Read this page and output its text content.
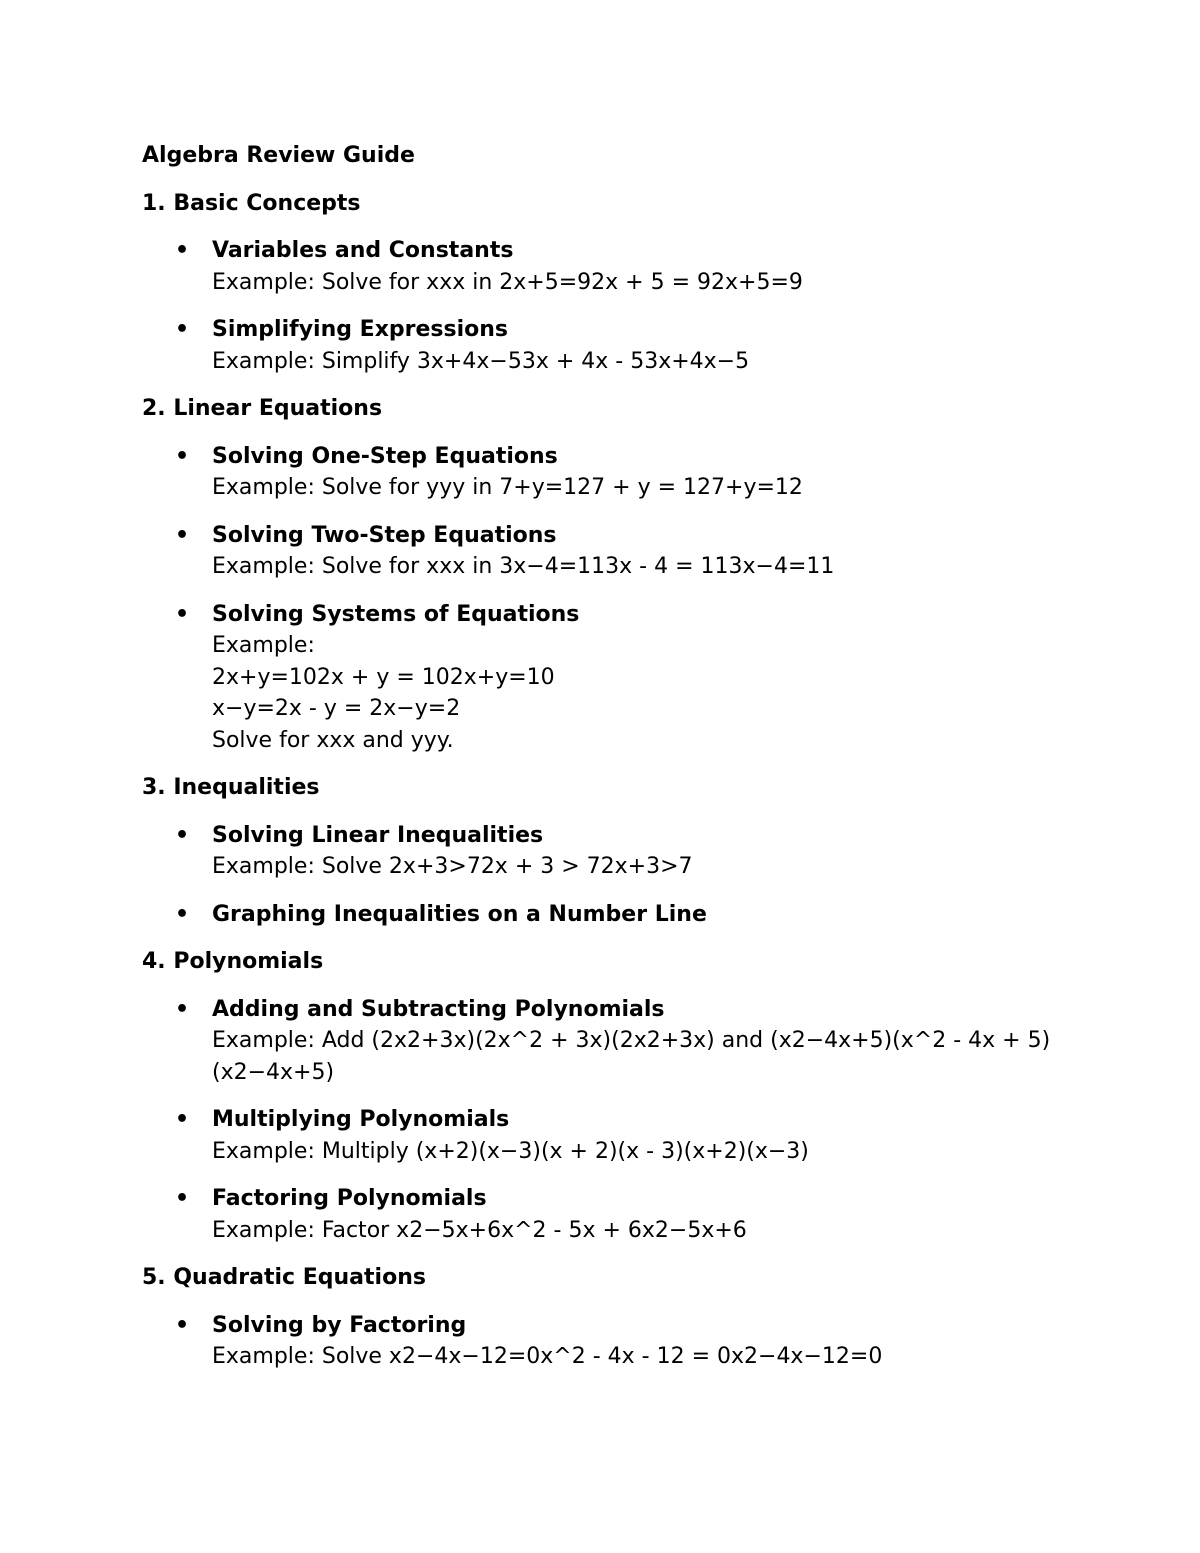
Algebra Review Guide
1. Basic Concepts
• Variables and Constants
Example: Solve for xxx in 2x+5=92x + 5 = 92x+5=9
• Simplifying Expressions
Example: Simplify 3x+4x−53x + 4x - 53x+4x−5
2. Linear Equations
• Solving One-Step Equations
Example: Solve for yyy in 7+y=127 + y = 127+y=12
• Solving Two-Step Equations
Example: Solve for xxx in 3x−4=113x - 4 = 113x−4=11
• Solving Systems of Equations
Example:
2x+y=102x + y = 102x+y=10
x−y=2x - y = 2x−y=2
Solve for xxx and yyy.
3. Inequalities
• Solving Linear Inequalities
Example: Solve 2x+3>72x + 3 > 72x+3>7
• Graphing Inequalities on a Number Line
4. Polynomials
• Adding and Subtracting Polynomials
Example: Add (2x2+3x)(2x^2 + 3x)(2x2+3x) and (x2−4x+5)(x^2 - 4x + 5)(x2−4x+5)
• Multiplying Polynomials
Example: Multiply (x+2)(x−3)(x + 2)(x - 3)(x+2)(x−3)
• Factoring Polynomials
Example: Factor x2−5x+6x^2 - 5x + 6x2−5x+6
5. Quadratic Equations
• Solving by Factoring
Example: Solve x2−4x−12=0x^2 - 4x - 12 = 0x2−4x−12=0
